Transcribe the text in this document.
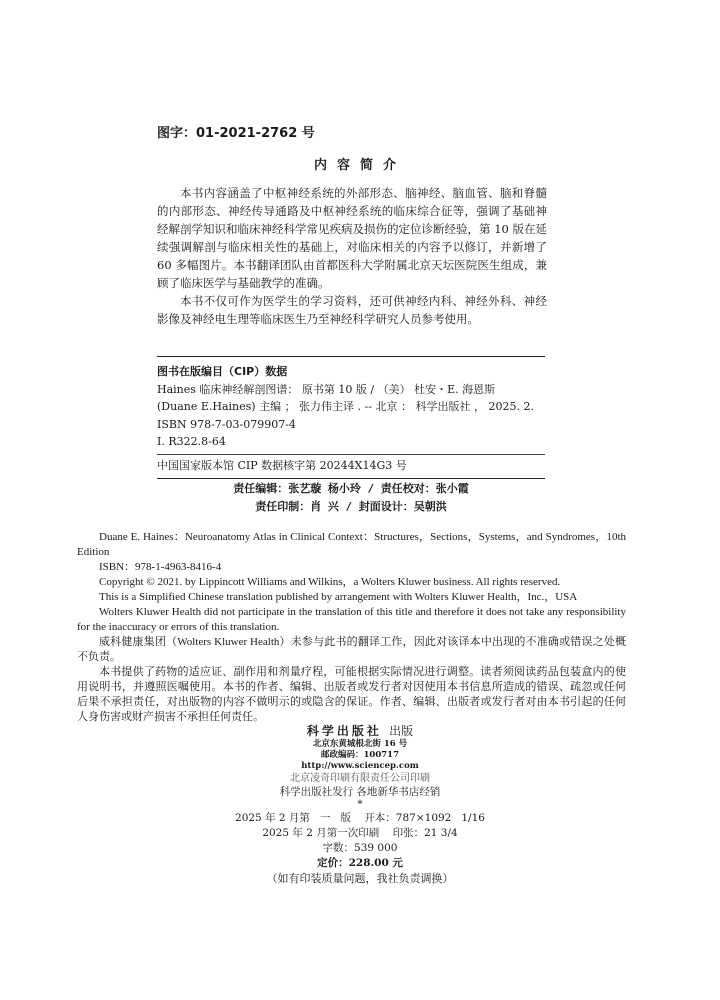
图字：01-2021-2762 号
内容简介

本书内容涵盖了中枢神经系统的外部形态、脑神经、脑血管、脑和脊髓的内部形态、神经传导通路及中枢神经系统的临床综合征等，强调了基础神经解剖学知识和临床神经科学常见疾病及损伤的定位诊断经验，第 10 版在延续强调解剖与临床相关性的基础上，对临床相关的内容予以修订，并新增了 60 多幅图片。本书翻译团队由首都医科大学附属北京天坛医院医生组成，兼顾了临床医学与基础教学的准确。

本书不仅可作为医学生的学习资料，还可供神经内科、神经外科、神经影像及神经电生理等临床医生乃至神经科学研究人员参考使用。

图书在版编目（CIP）数据

Haines 临床神经解剖图谱： 原书第 10 版 / （美） 杜安・E. 海恩斯

(Duane E.Haines) 主编 ； 张力伟主译 . -- 北京 ： 科学出版社 ， 2025. 2.

ISBN 978-7-03-079907-4

Ⅰ. R322.8-64

中国国家版本馆 CIP 数据核字第 20244X14G3 号

责任编辑：张艺璇 杨小玲 / 责任校对：张小霞
责任印制：肖 兴 / 封面设计：吴朝洪

Duane E. Haines：Neuroanatomy Atlas in Clinical Context：Structures，Sections，Systems，and Syndromes，10th Edition

ISBN：978-1-4963-8416-4

Copyright © 2021. by Lippincott Williams and Wilkins，a Wolters Kluwer business. All rights reserved.

This is a Simplified Chinese translation published by arrangement with Wolters Kluwer Health，Inc.，USA

Wolters Kluwer Health did not participate in the translation of this title and therefore it does not take any responsibility for the inaccuracy or errors of this translation.

威科健康集团（Wolters Kluwer Health）未参与此书的翻译工作，因此对该译本中出现的不准确或错误之处概不负责。

本书提供了药物的适应证、副作用和剂量疗程，可能根据实际情况进行调整。读者须阅读药品包装盒内的使用说明书，并遵照医嘱使用。本书的作者、编辑、出版者或发行者对因使用本书信息所造成的错误、疏忽或任何后果不承担责任，对出版物的内容不做明示的或隐含的保证。作者、编辑、出版者或发行者对由本书引起的任何人身伤害或财产损害不承担任何责任。

科学出版社 出版
北京东黄城根北街 16 号
邮政编码：100717
http://www.sciencep.com
北京凌奇印刷有限责任公司印刷
科学出版社发行 各地新华书店经销
*
2025 年 2 月第   一   版    开本：787×1092   1/16
2025 年 2 月第一次印刷    印张：21 3/4
字数：539 000
定价：228.00 元
（如有印装质量问题，我社负责调换）
